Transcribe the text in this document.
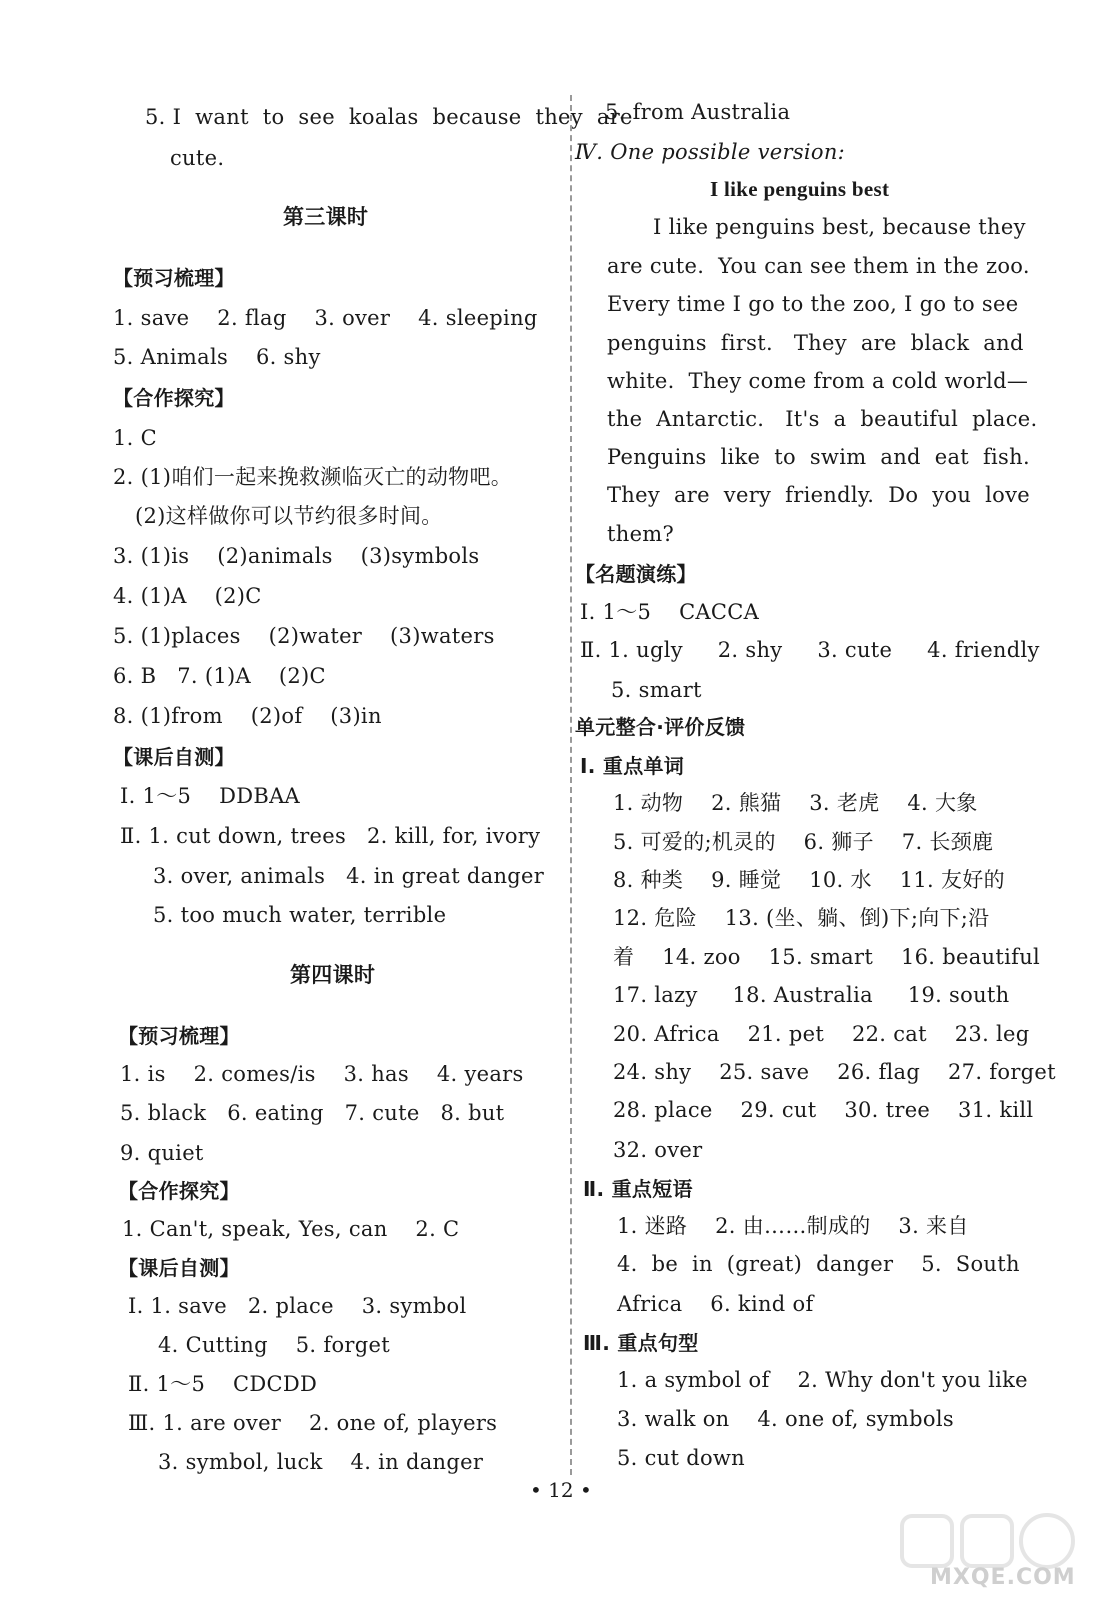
5. I  want  to  see  koalas  because  they  are
cute.
第三课时
【预习梳理】
1. save    2. flag    3. over    4. sleeping
5. Animals    6. shy
【合作探究】
1. C
2. (1)咱们一起来挽救濒临灭亡的动物吧。
(2)这样做你可以节约很多时间。
3. (1)is    (2)animals    (3)symbols
4. (1)A    (2)C
5. (1)places    (2)water    (3)waters
6. B   7. (1)A    (2)C
8. (1)from    (2)of    (3)in
【课后自测】
Ⅰ. 1～5    DDBAA
Ⅱ. 1. cut down, trees   2. kill, for, ivory
3. over, animals   4. in great danger
5. too much water, terrible
第四课时
【预习梳理】
1. is    2. comes/is    3. has    4. years
5. black   6. eating   7. cute   8. but
9. quiet
【合作探究】
1. Can't, speak, Yes, can    2. C
【课后自测】
Ⅰ. 1. save   2. place    3. symbol
4. Cutting    5. forget
Ⅱ. 1～5    CDCDD
Ⅲ. 1. are over    2. one of, players
3. symbol, luck    4. in danger
5. from Australia
Ⅳ. One possible version:
I like penguins best
I like penguins best, because they
are cute.  You can see them in the zoo.
Every time I go to the zoo, I go to see
penguins  first.   They  are  black  and
white.  They come from a cold world—
the  Antarctic.   It's  a  beautiful  place.
Penguins  like  to  swim  and  eat  fish.
They  are  very  friendly.  Do  you  love
them?
【名题演练】
Ⅰ. 1～5    CACCA
Ⅱ. 1. ugly     2. shy     3. cute     4. friendly
5. smart
单元整合·评价反馈
Ⅰ. 重点单词
1. 动物    2. 熊猫    3. 老虎    4. 大象
5. 可爱的;机灵的    6. 狮子    7. 长颈鹿
8. 种类    9. 睡觉    10. 水    11. 友好的
12. 危险    13. (坐、躺、倒)下;向下;沿
着    14. zoo    15. smart    16. beautiful
17. lazy     18. Australia     19. south
20. Africa    21. pet    22. cat    23. leg
24. shy    25. save    26. flag    27. forget
28. place    29. cut    30. tree    31. kill
32. over
Ⅱ. 重点短语
1. 迷路    2. 由……制成的    3. 来自
4.  be  in  (great)  danger    5.  South
Africa    6. kind of
Ⅲ. 重点句型
1. a symbol of    2. Why don't you like
3. walk on    4. one of, symbols
5. cut down
• 12 •
MXQE.COM
